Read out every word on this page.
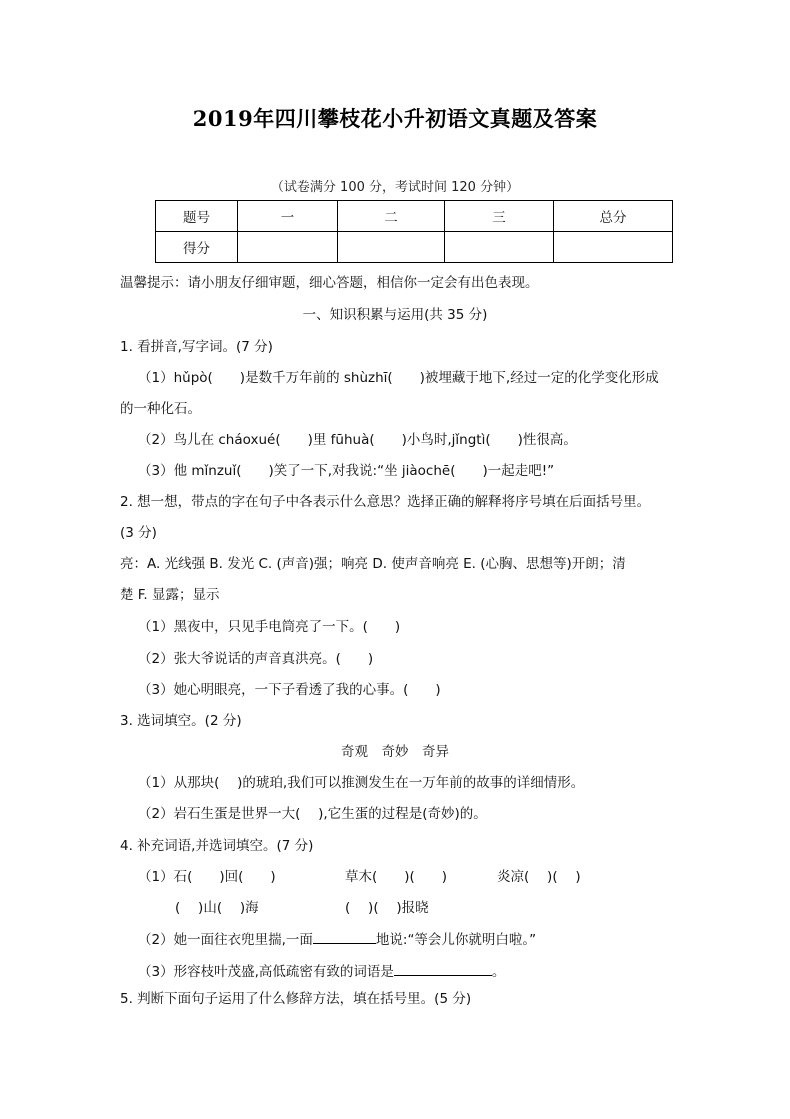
2019年四川攀枝花小升初语文真题及答案
（试卷满分 100 分，考试时间 120 分钟）
题号	一	二	三	总分
得分				
温馨提示：请小朋友仔细审题，细心答题，相信你一定会有出色表现。
一、知识积累与运用(共 35 分)
1. 看拼音,写字词。(7 分)
（1）hǔpò(　　)是数千万年前的 shùzhī(　　)被埋藏于地下,经过一定的化学变化形成
的一种化石。
（2）鸟儿在 cháoxué(　　)里 fūhuà(　　)小鸟时,jǐngtì(　　)性很高。
（3）他 mǐnzuǐ(　　)笑了一下,对我说:“坐 jiàochē(　　)一起走吧!”
2. 想一想，带点的字在句子中各表示什么意思？选择正确的解释将序号填在后面括号里。
(3 分)
亮：A. 光线强 B. 发光 C. (声音)强；响亮 D. 使声音响亮 E. (心胸、思想等)开朗；清
楚 F. 显露；显示
（1）黑夜中，只见手电筒亮了一下。(　　)
（2）张大爷说话的声音真洪亮。(　　)
（3）她心明眼亮，一下子看透了我的心事。(　　)
3. 选词填空。(2 分)
奇观　奇妙　奇异
（1）从那块(　 )的琥珀,我们可以推测发生在一万年前的故事的详细情形。
（2）岩石生蛋是世界一大(　 ),它生蛋的过程是(奇妙)的。
4. 补充词语,并选词填空。(7 分)
（1）石(　　)回(　　)	草木(　　)(　　)	炎凉(　 )(　 )
(　 )山(　 )海	(　 )(　 )报晓
（2）她一面往衣兜里揣,一面	地说:“等会儿你就明白啦。”
（3）形容枝叶茂盛,高低疏密有致的词语是	。
5. 判断下面句子运用了什么修辞方法，填在括号里。(5 分)
